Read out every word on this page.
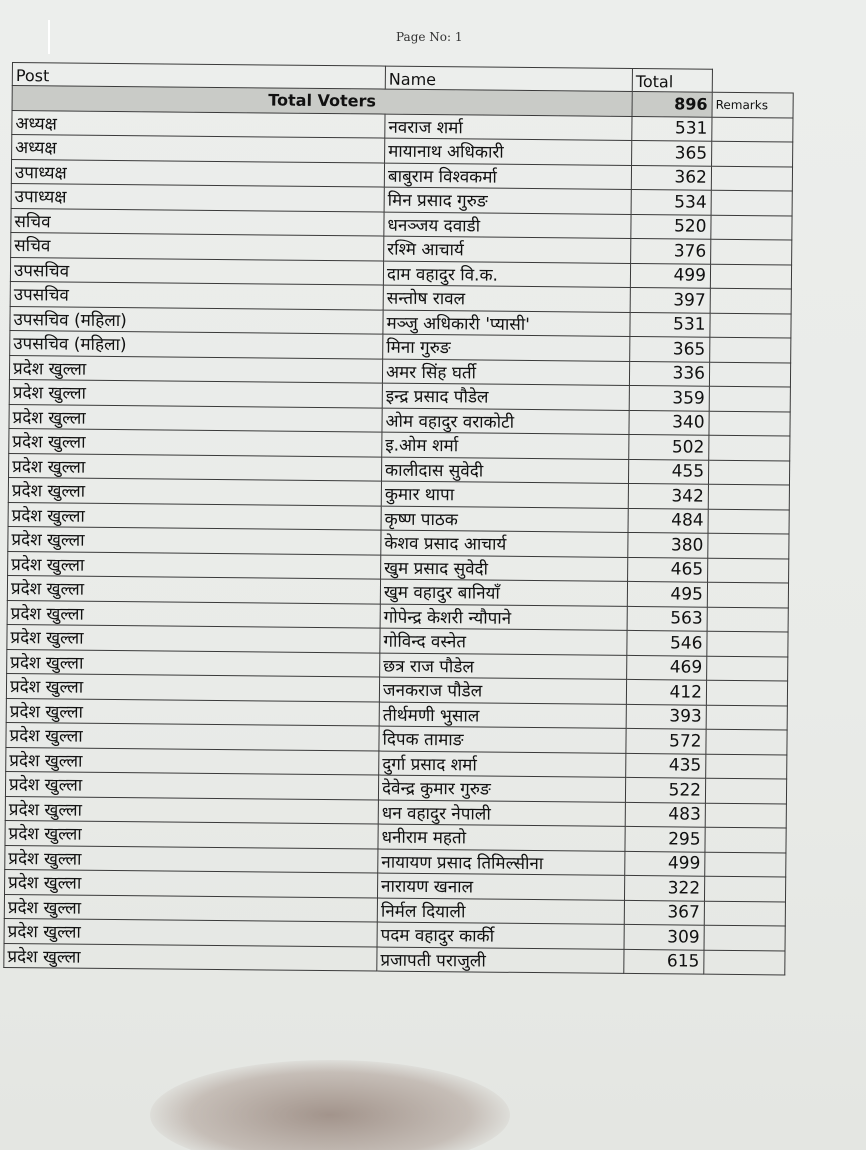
Page No: 1
Post	Name	Total	
Total Voters		896	Remarks
अध्यक्ष	नवराज शर्मा	531	
अध्यक्ष	मायानाथ अधिकारी	365	
उपाध्यक्ष	बाबुराम विश्वकर्मा	362	
उपाध्यक्ष	मिन प्रसाद गुरुङ	534	
सचिव	धनञ्जय दवाडी	520	
सचिव	रश्मि आचार्य	376	
उपसचिव	दाम वहादुर वि.क.	499	
उपसचिव	सन्तोष रावल	397	
उपसचिव (महिला)	मञ्जु अधिकारी 'प्यासी'	531	
उपसचिव (महिला)	मिना गुरुङ	365	
प्रदेश खुल्ला	अमर सिंह घर्ती	336	
प्रदेश खुल्ला	इन्द्र प्रसाद पौडेल	359	
प्रदेश खुल्ला	ओम वहादुर वराकोटी	340	
प्रदेश खुल्ला	इ.ओम शर्मा	502	
प्रदेश खुल्ला	कालीदास सुवेदी	455	
प्रदेश खुल्ला	कुमार थापा	342	
प्रदेश खुल्ला	कृष्ण पाठक	484	
प्रदेश खुल्ला	केशव प्रसाद आचार्य	380	
प्रदेश खुल्ला	खुम प्रसाद सुवेदी	465	
प्रदेश खुल्ला	खुम वहादुर बानियाँ	495	
प्रदेश खुल्ला	गोपेन्द्र केशरी न्यौपाने	563	
प्रदेश खुल्ला	गोविन्द वस्नेत	546	
प्रदेश खुल्ला	छत्र राज पौडेल	469	
प्रदेश खुल्ला	जनकराज पौडेल	412	
प्रदेश खुल्ला	तीर्थमणी भुसाल	393	
प्रदेश खुल्ला	दिपक तामाङ	572	
प्रदेश खुल्ला	दुर्गा प्रसाद शर्मा	435	
प्रदेश खुल्ला	देवेन्द्र कुमार गुरुङ	522	
प्रदेश खुल्ला	धन वहादुर नेपाली	483	
प्रदेश खुल्ला	धनीराम महतो	295	
प्रदेश खुल्ला	नायायण प्रसाद तिमिल्सीना	499	
प्रदेश खुल्ला	नारायण खनाल	322	
प्रदेश खुल्ला	निर्मल दियाली	367	
प्रदेश खुल्ला	पदम वहादुर कार्की	309	
प्रदेश खुल्ला	प्रजापती पराजुली	615	
